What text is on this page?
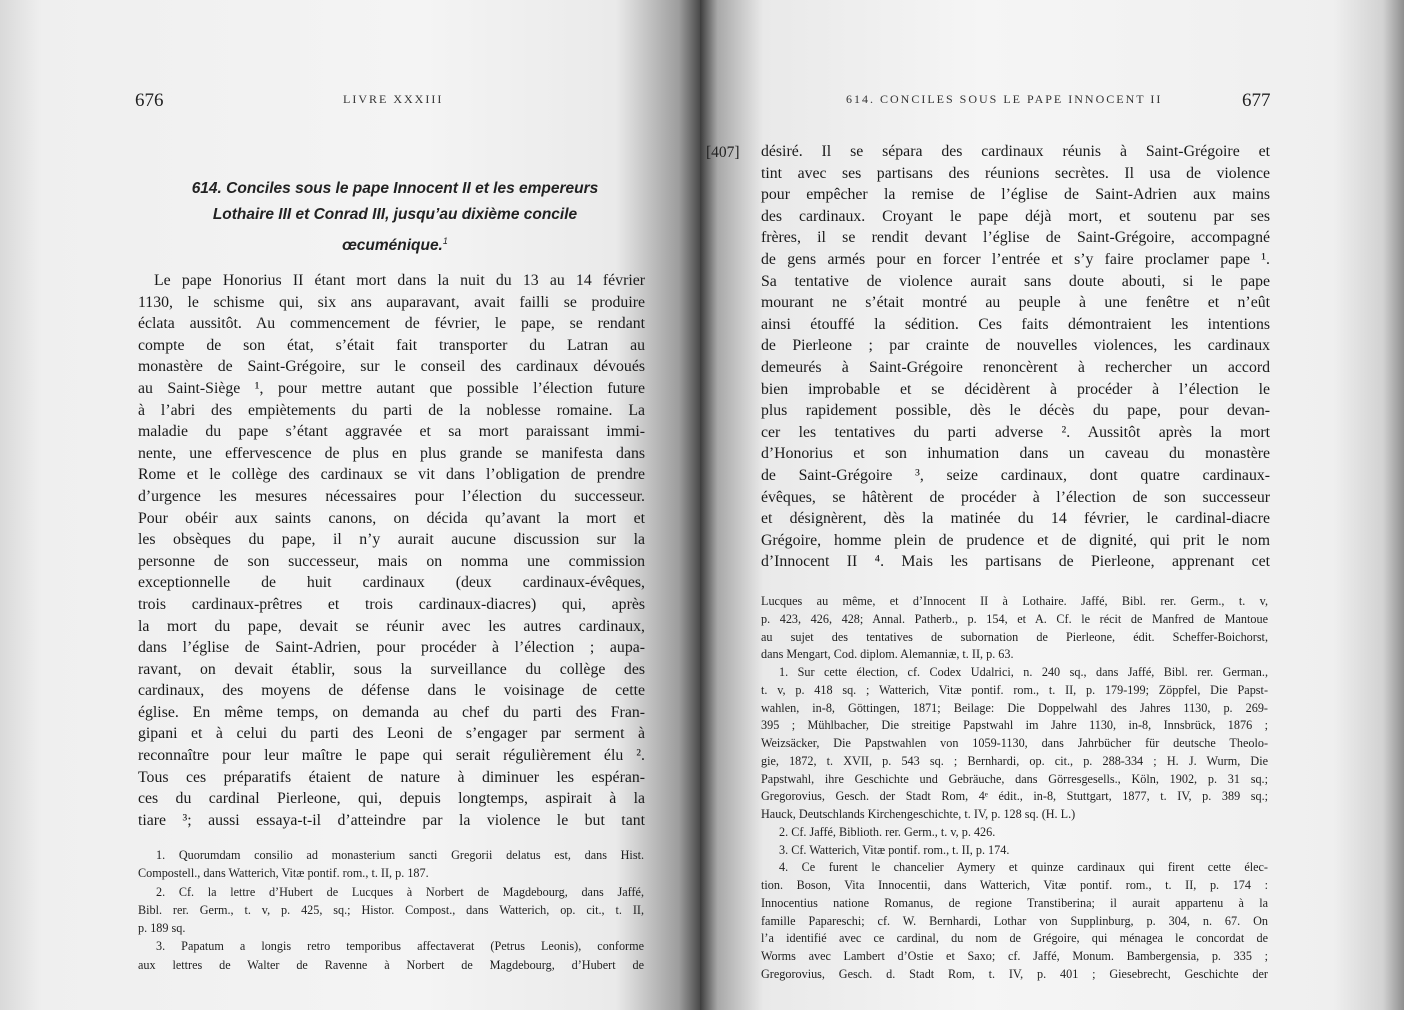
676	LIVRE XXXIII
614. Conciles sous le pape Innocent II et les empereurs
Lothaire III et Conrad III, jusqu’au dixième concile
œcuménique.$^1$
Le pape Honorius II étant mort dans la nuit du 13 au 14 février
1130, le schisme qui, six ans auparavant, avait failli se produire
éclata aussitôt. Au commencement de février, le pape, se rendant
compte de son état, s’était fait transporter du Latran au
monastère de Saint-Grégoire, sur le conseil des cardinaux dévoués
au Saint-Siège ¹, pour mettre autant que possible l’élection future
à l’abri des empiètements du parti de la noblesse romaine. La
maladie du pape s’étant aggravée et sa mort paraissant immi-
nente, une effervescence de plus en plus grande se manifesta dans
Rome et le collège des cardinaux se vit dans l’obligation de prendre
d’urgence les mesures nécessaires pour l’élection du successeur.
Pour obéir aux saints canons, on décida qu’avant la mort et
les obsèques du pape, il n’y aurait aucune discussion sur la
personne de son successeur, mais on nomma une commission
exceptionnelle de huit cardinaux (deux cardinaux-évêques,
trois cardinaux-prêtres et trois cardinaux-diacres) qui, après
la mort du pape, devait se réunir avec les autres cardinaux,
dans l’église de Saint-Adrien, pour procéder à l’élection ; aupa-
ravant, on devait établir, sous la surveillance du collège des
cardinaux, des moyens de défense dans le voisinage de cette
église. En même temps, on demanda au chef du parti des Fran-
gipani et à celui du parti des Leoni de s’engager par serment à
reconnaître pour leur maître le pape qui serait régulièrement élu ².
Tous ces préparatifs étaient de nature à diminuer les espéran-
ces du cardinal Pierleone, qui, depuis longtemps, aspirait à la
tiare ³; aussi essaya-t-il d’atteindre par la violence le but tant
1. Quorumdam consilio ad monasterium sancti Gregorii delatus est, dans Hist.
Compostell., dans Watterich, Vitæ pontif. rom., t. II, p. 187.
2. Cf. la lettre d’Hubert de Lucques à Norbert de Magdebourg, dans Jaffé,
Bibl. rer. Germ., t. v, p. 425, sq.; Histor. Compost., dans Watterich, op. cit., t. II,
p. 189 sq.
3. Papatum a longis retro temporibus affectaverat (Petrus Leonis), conforme
aux lettres de Walter de Ravenne à Norbert de Magdebourg, d’Hubert de
614. CONCILES SOUS LE PAPE INNOCENT II	677
désiré. Il se sépara des cardinaux réunis à Saint-Grégoire et
tint avec ses partisans des réunions secrètes. Il usa de violence
pour empêcher la remise de l’église de Saint-Adrien aux mains
des cardinaux. Croyant le pape déjà mort, et soutenu par ses
frères, il se rendit devant l’église de Saint-Grégoire, accompagné
de gens armés pour en forcer l’entrée et s’y faire proclamer pape ¹.
Sa tentative de violence aurait sans doute abouti, si le pape
mourant ne s’était montré au peuple à une fenêtre et n’eût
ainsi étouffé la sédition. Ces faits démontraient les intentions
de Pierleone ; par crainte de nouvelles violences, les cardinaux
demeurés à Saint-Grégoire renoncèrent à rechercher un accord
bien improbable et se décidèrent à procéder à l’élection le
plus rapidement possible, dès le décès du pape, pour devan-
cer les tentatives du parti adverse ². Aussitôt après la mort
d’Honorius et son inhumation dans un caveau du monastère
de Saint-Grégoire ³, seize cardinaux, dont quatre cardinaux-
évêques, se hâtèrent de procéder à l’élection de son successeur
et désignèrent, dès la matinée du 14 février, le cardinal-diacre
Grégoire, homme plein de prudence et de dignité, qui prit le nom
d’Innocent II ⁴. Mais les partisans de Pierleone, apprenant cet
Lucques au même, et d’Innocent II à Lothaire. Jaffé, Bibl. rer. Germ., t. v,
p. 423, 426, 428; Annal. Patherb., p. 154, et A. Cf. le récit de Manfred de Mantoue
au sujet des tentatives de subornation de Pierleone, édit. Scheffer-Boichorst,
dans Mengart, Cod. diplom. Alemanniæ, t. II, p. 63.
1. Sur cette élection, cf. Codex Udalrici, n. 240 sq., dans Jaffé, Bibl. rer. German.,
t. v, p. 418 sq. ; Watterich, Vitæ pontif. rom., t. II, p. 179-199; Zöppfel, Die Papst-
wahlen, in-8, Göttingen, 1871; Beilage: Die Doppelwahl des Jahres 1130, p. 269-
395 ; Mühlbacher, Die streitige Papstwahl im Jahre 1130, in-8, Innsbrück, 1876 ;
Weizsäcker, Die Papstwahlen von 1059-1130, dans Jahrbücher für deutsche Theolo-
gie, 1872, t. XVII, p. 543 sq. ; Bernhardi, op. cit., p. 288-334 ; H. J. Wurm, Die
Papstwahl, ihre Geschichte und Gebräuche, dans Görresgesells., Köln, 1902, p. 31 sq.;
Gregorovius, Gesch. der Stadt Rom, 4ᵉ édit., in-8, Stuttgart, 1877, t. IV, p. 389 sq.;
Hauck, Deutschlands Kirchengeschichte, t. IV, p. 128 sq. (H. L.)
2. Cf. Jaffé, Biblioth. rer. Germ., t. v, p. 426.
3. Cf. Watterich, Vitæ pontif. rom., t. II, p. 174.
4. Ce furent le chancelier Aymery et quinze cardinaux qui firent cette élec-
tion. Boson, Vita Innocentii, dans Watterich, Vitæ pontif. rom., t. II, p. 174 :
Innocentius natione Romanus, de regione Transtiberina; il aurait appartenu à la
famille Papareschi; cf. W. Bernhardi, Lothar von Supplinburg, p. 304, n. 67. On
l’a identifié avec ce cardinal, du nom de Grégoire, qui ménagea le concordat de
Worms avec Lambert d’Ostie et Saxo; cf. Jaffé, Monum. Bambergensia, p. 335 ;
Gregorovius, Gesch. d. Stadt Rom, t. IV, p. 401 ; Giesebrecht, Geschichte der
[407]
